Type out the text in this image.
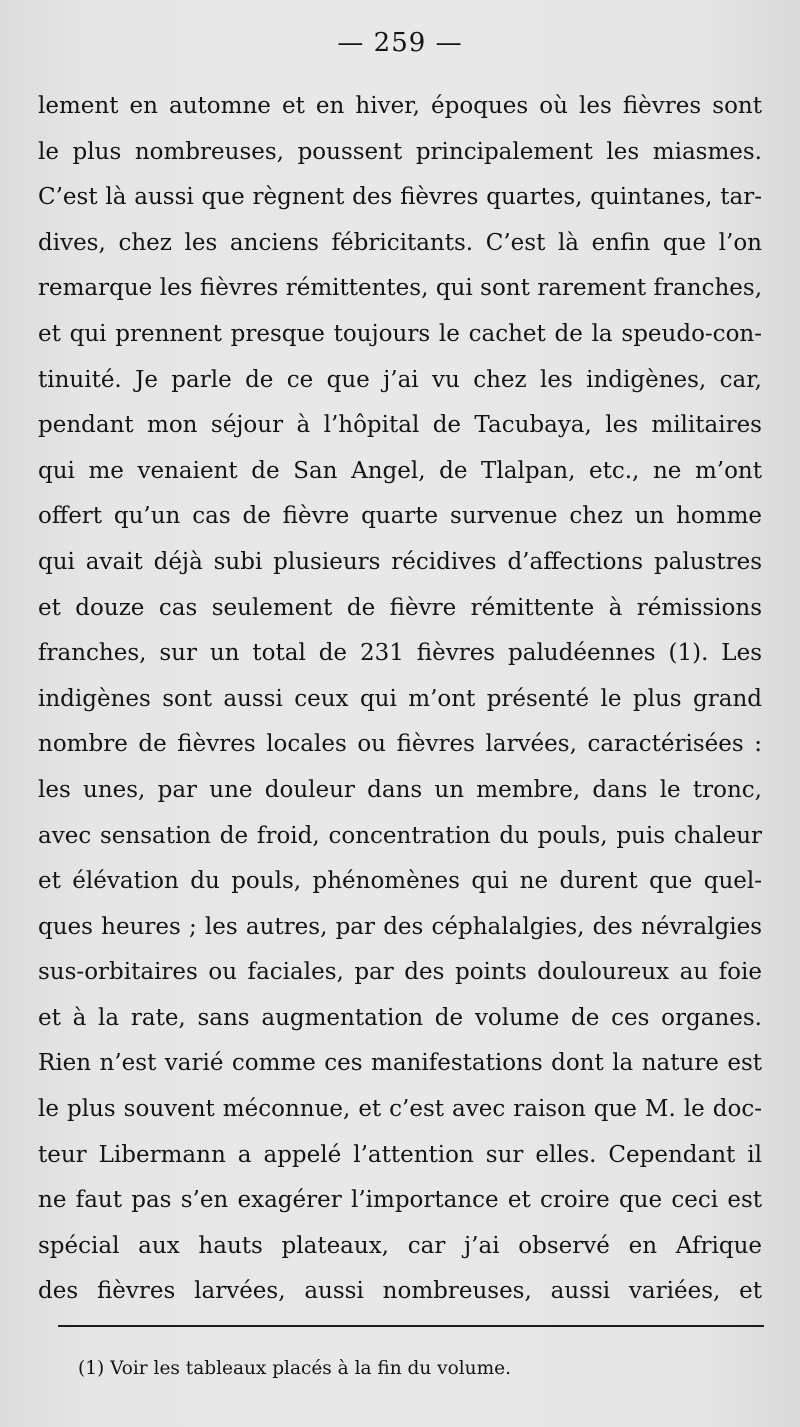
— 259 —
lement en automne et en hiver, époques où les fièvres sont
le plus nombreuses, poussent principalement les miasmes.
C’est là aussi que règnent des fièvres quartes, quintanes, tar-
dives, chez les anciens fébricitants. C’est là enfin que l’on
remarque les fièvres rémittentes, qui sont rarement franches,
et qui prennent presque toujours le cachet de la speudo-con-
tinuité. Je parle de ce que j’ai vu chez les indigènes, car,
pendant mon séjour à l’hôpital de Tacubaya, les militaires
qui me venaient de San Angel, de Tlalpan, etc., ne m’ont
offert qu’un cas de fièvre quarte survenue chez un homme
qui avait déjà subi plusieurs récidives d’affections palustres
et douze cas seulement de fièvre rémittente à rémissions
franches, sur un total de 231 fièvres paludéennes (1). Les
indigènes sont aussi ceux qui m’ont présenté le plus grand
nombre de fièvres locales ou fièvres larvées, caractérisées :
les unes, par une douleur dans un membre, dans le tronc,
avec sensation de froid, concentration du pouls, puis chaleur
et élévation du pouls, phénomènes qui ne durent que quel-
ques heures ; les autres, par des céphalalgies, des névralgies
sus-orbitaires ou faciales, par des points douloureux au foie
et à la rate, sans augmentation de volume de ces organes.
Rien n’est varié comme ces manifestations dont la nature est
le plus souvent méconnue, et c’est avec raison que M. le doc-
teur Libermann a appelé l’attention sur elles. Cependant il
ne faut pas s’en exagérer l’importance et croire que ceci est
spécial aux hauts plateaux, car j’ai observé en Afrique
des fièvres larvées, aussi nombreuses, aussi variées, et
(1) Voir les tableaux placés à la fin du volume.
